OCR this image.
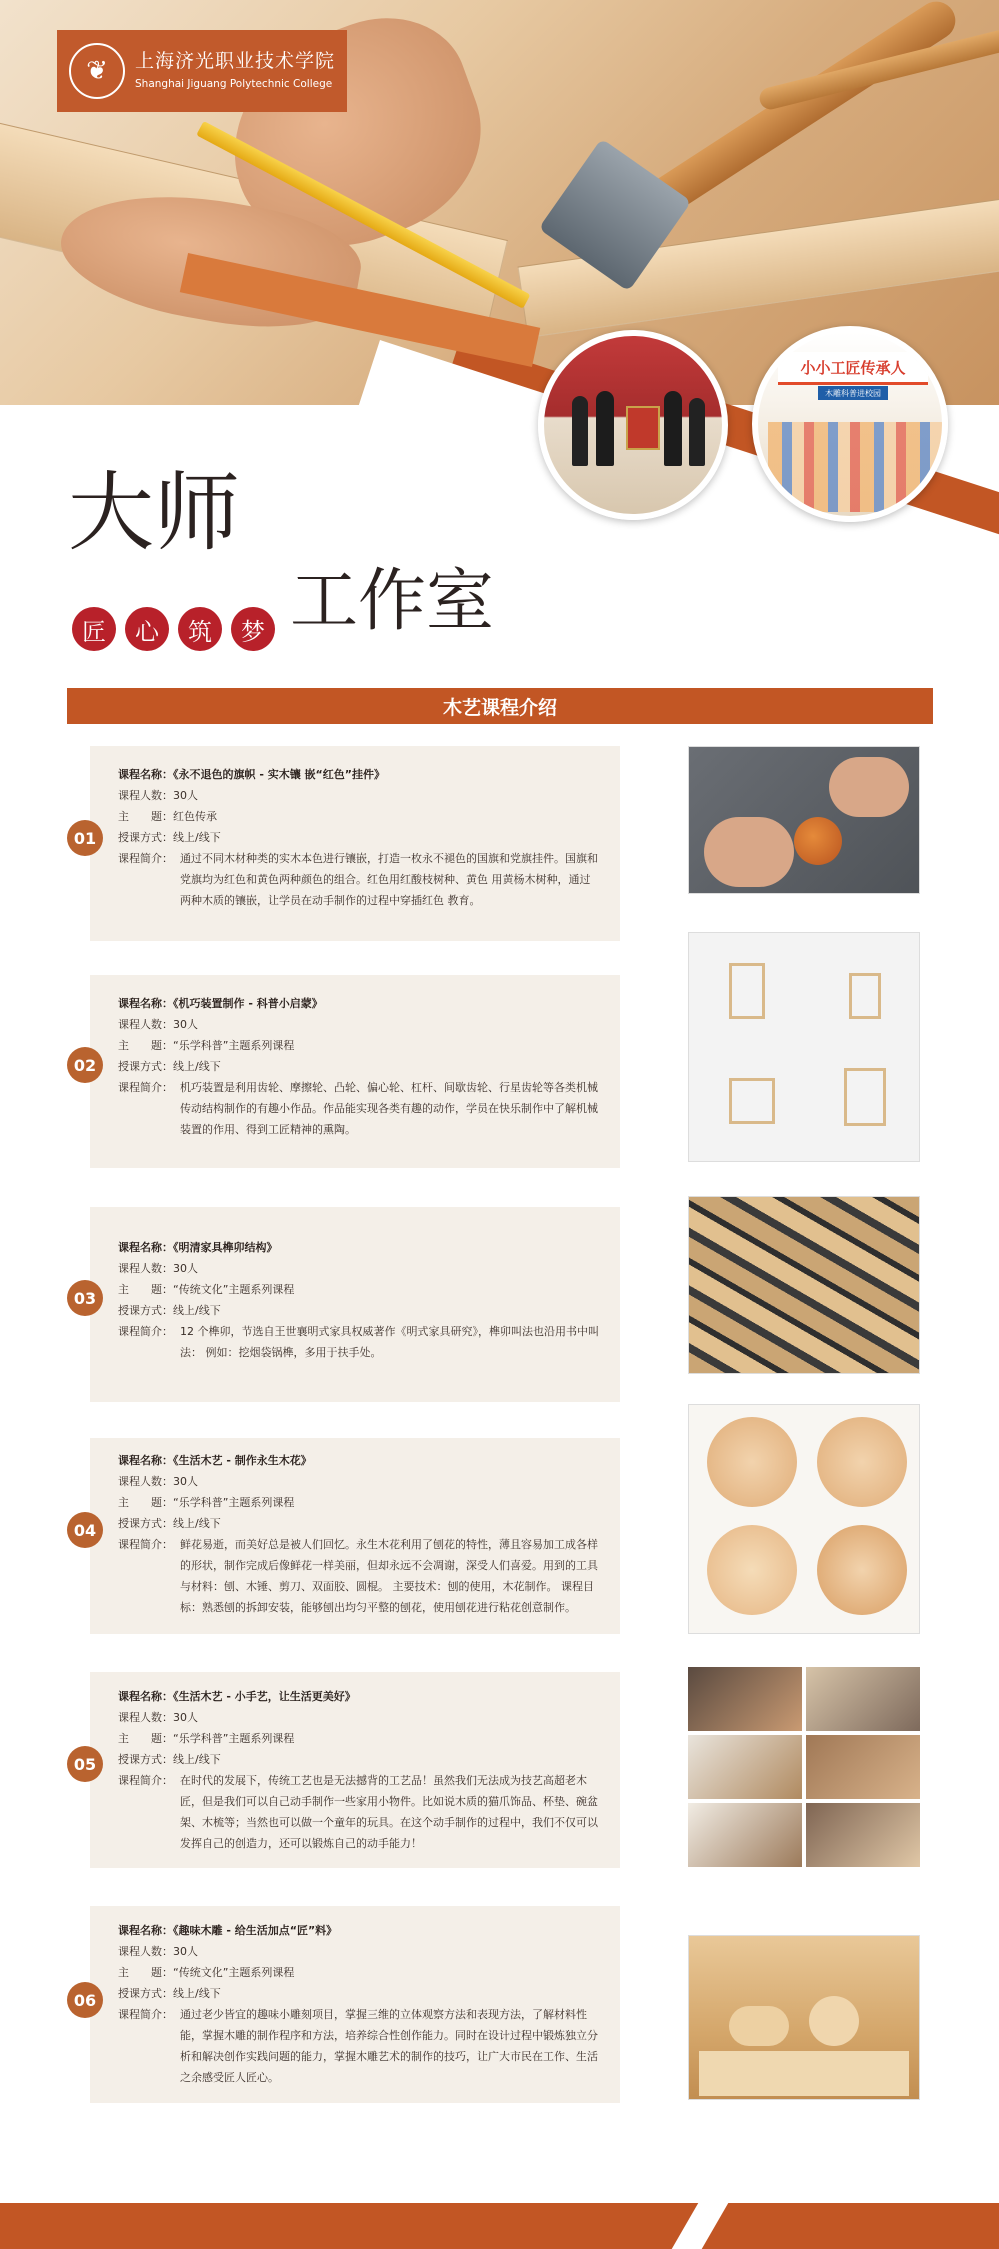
❦	上海济光职业技术学院
Shanghai Jiguang Polytechnic College
小小工匠传承人
木雕科普进校园
大师
工作室
匠	心	筑	梦
木艺课程介绍
课程名称：《永不退色的旗帜 - 实木镶 嵌“红色”挂件》
课程人数：30人
主　　题：红色传承
授课方式：线上/线下
课程简介： 通过不同木材种类的实木本色进行镶嵌，打造一枚永不褪色的国旗和党旗挂件。国旗和党旗均为红色和黄色两种颜色的组合。红色用红酸枝树种、黄色 用黄杨木树种，通过两种木质的镶嵌，让学员在动手制作的过程中穿插红色 教育。
01
课程名称：《机巧装置制作 - 科普小启蒙》
课程人数：30人
主　　题：“乐学科普”主题系列课程
授课方式：线上/线下
课程简介： 机巧装置是利用齿轮、摩擦轮、凸轮、偏心轮、杠杆、间歇齿轮、行星齿轮等各类机械传动结构制作的有趣小作品。作品能实现各类有趣的动作，学员在快乐制作中了解机械装置的作用、得到工匠精神的熏陶。
02
课程名称：《明清家具榫卯结构》
课程人数：30人
主　　题：“传统文化”主题系列课程
授课方式：线上/线下
课程简介： 12 个榫卯，节选自王世襄明式家具权威著作《明式家具研究》，榫卯叫法也沿用书中叫法： 例如：挖烟袋锅榫，多用于扶手处。
03
课程名称：《生活木艺 - 制作永生木花》
课程人数：30人
主　　题：“乐学科普”主题系列课程
授课方式：线上/线下
课程简介： 鲜花易逝，而美好总是被人们回忆。永生木花利用了刨花的特性，薄且容易加工成各样的形状，制作完成后像鲜花一样美丽，但却永远不会凋谢，深受人们喜爱。用到的工具与材料：刨、木锤、剪刀、双面胶、圆棍。 主要技术：刨的使用，木花制作。 课程目标：熟悉刨的拆卸安装，能够刨出均匀平整的刨花，使用刨花进行粘花创意制作。
04
课程名称：《生活木艺 - 小手艺，让生活更美好》
课程人数：30人
主　　题：“乐学科普”主题系列课程
授课方式：线上/线下
课程简介： 在时代的发展下，传统工艺也是无法撼背的工艺品！虽然我们无法成为技艺高超老木匠，但是我们可以自己动手制作一些家用小物件。比如说木质的猫爪饰品、杯垫、碗盆架、木梳等；当然也可以做一个童年的玩具。在这个动手制作的过程中，我们不仅可以发挥自己的创造力，还可以锻炼自己的动手能力！
05
课程名称：《趣味木雕 - 给生活加点“匠”料》
课程人数：30人
主　　题：“传统文化”主题系列课程
授课方式：线上/线下
课程简介： 通过老少皆宜的趣味小雕刻项目，掌握三维的立体观察方法和表现方法，了解材料性能，掌握木雕的制作程序和方法，培养综合性创作能力。同时在设计过程中锻炼独立分析和解决创作实践问题的能力，掌握木雕艺术的制作的技巧，让广大市民在工作、生活之余感受匠人匠心。
06
